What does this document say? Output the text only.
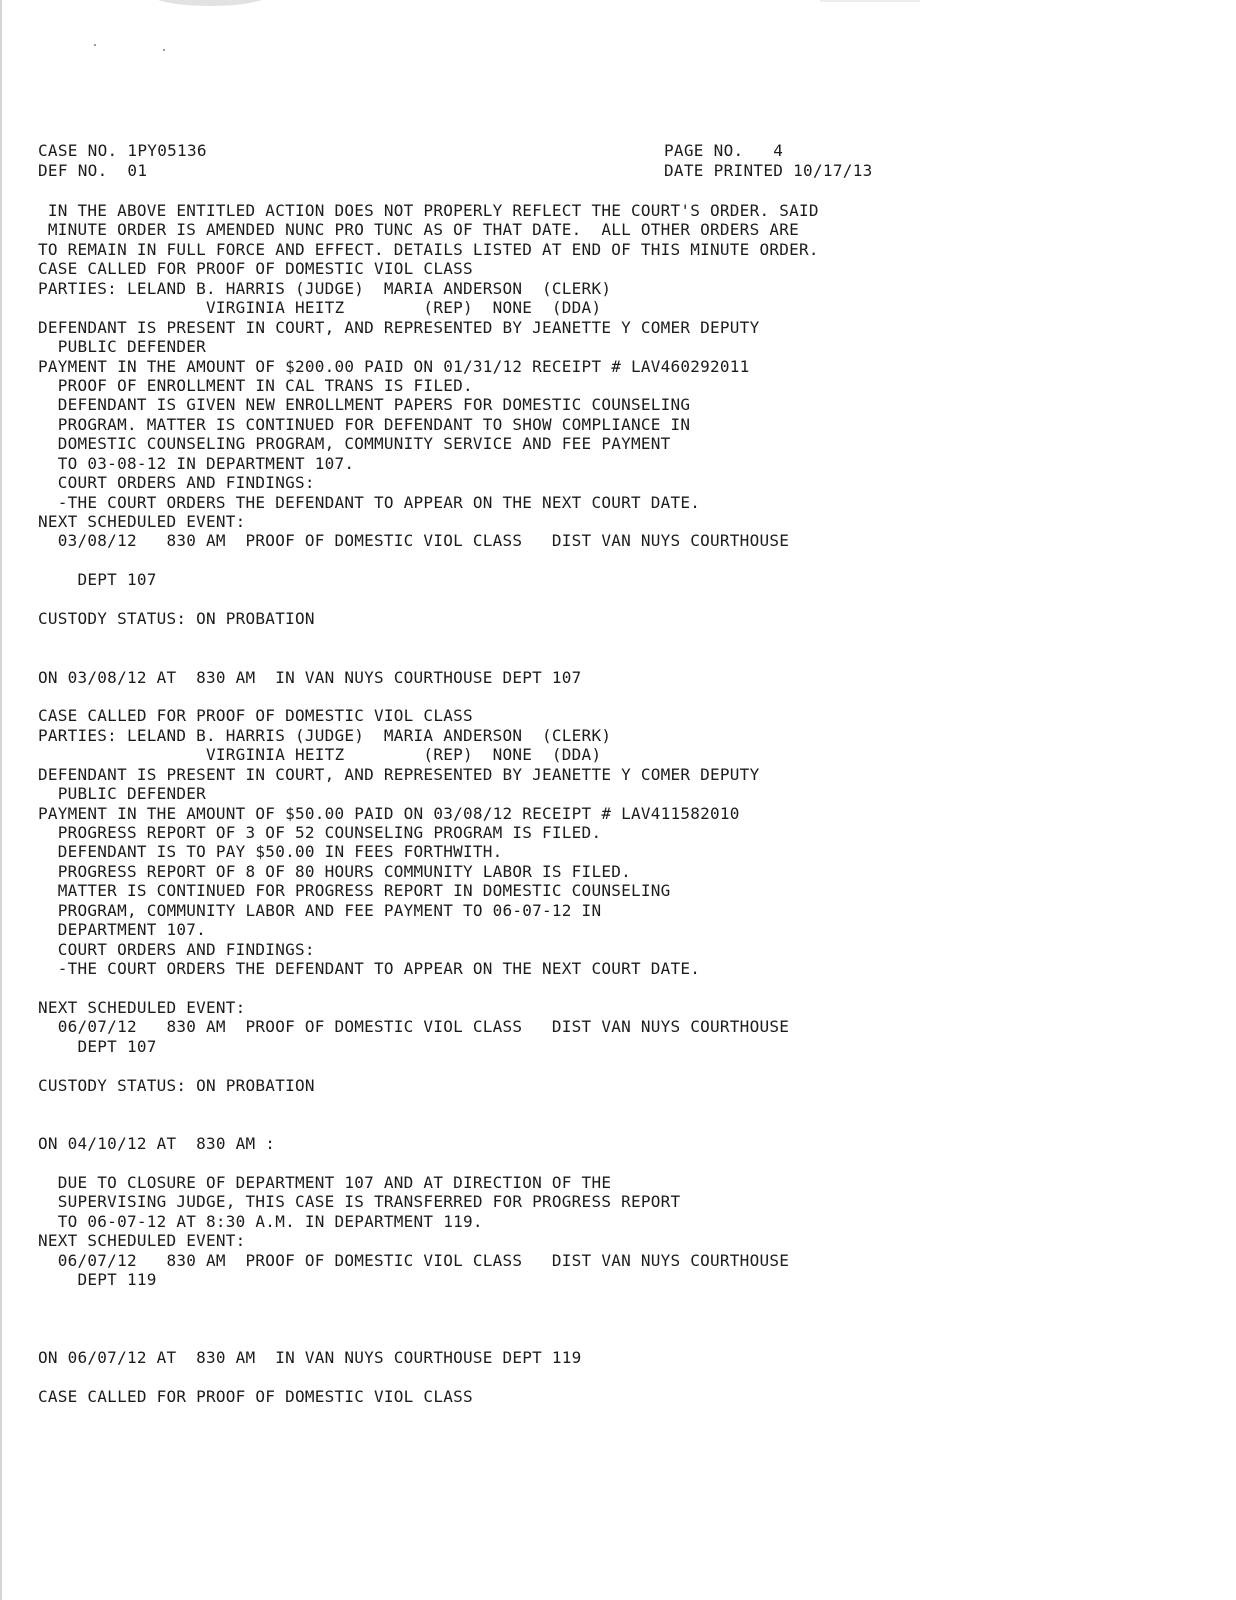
CASE NO. 1PY05136
DEF NO.  01
PAGE NO.   4
DATE PRINTED 10/17/13
IN THE ABOVE ENTITLED ACTION DOES NOT PROPERLY REFLECT THE COURT'S ORDER. SAID
MINUTE ORDER IS AMENDED NUNC PRO TUNC AS OF THAT DATE.  ALL OTHER ORDERS ARE
TO REMAIN IN FULL FORCE AND EFFECT. DETAILS LISTED AT END OF THIS MINUTE ORDER.
CASE CALLED FOR PROOF OF DOMESTIC VIOL CLASS
PARTIES: LELAND B. HARRIS (JUDGE)  MARIA ANDERSON  (CLERK)
VIRGINIA HEITZ        (REP)  NONE  (DDA)
DEFENDANT IS PRESENT IN COURT, AND REPRESENTED BY JEANETTE Y COMER DEPUTY
PUBLIC DEFENDER
PAYMENT IN THE AMOUNT OF $200.00 PAID ON 01/31/12 RECEIPT # LAV460292011
PROOF OF ENROLLMENT IN CAL TRANS IS FILED.
DEFENDANT IS GIVEN NEW ENROLLMENT PAPERS FOR DOMESTIC COUNSELING
PROGRAM. MATTER IS CONTINUED FOR DEFENDANT TO SHOW COMPLIANCE IN
DOMESTIC COUNSELING PROGRAM, COMMUNITY SERVICE AND FEE PAYMENT
TO 03-08-12 IN DEPARTMENT 107.
COURT ORDERS AND FINDINGS:
-THE COURT ORDERS THE DEFENDANT TO APPEAR ON THE NEXT COURT DATE.
NEXT SCHEDULED EVENT:
03/08/12   830 AM  PROOF OF DOMESTIC VIOL CLASS   DIST VAN NUYS COURTHOUSE
DEPT 107
CUSTODY STATUS: ON PROBATION
ON 03/08/12 AT  830 AM  IN VAN NUYS COURTHOUSE DEPT 107
CASE CALLED FOR PROOF OF DOMESTIC VIOL CLASS
PARTIES: LELAND B. HARRIS (JUDGE)  MARIA ANDERSON  (CLERK)
VIRGINIA HEITZ        (REP)  NONE  (DDA)
DEFENDANT IS PRESENT IN COURT, AND REPRESENTED BY JEANETTE Y COMER DEPUTY
PUBLIC DEFENDER
PAYMENT IN THE AMOUNT OF $50.00 PAID ON 03/08/12 RECEIPT # LAV411582010
PROGRESS REPORT OF 3 OF 52 COUNSELING PROGRAM IS FILED.
DEFENDANT IS TO PAY $50.00 IN FEES FORTHWITH.
PROGRESS REPORT OF 8 OF 80 HOURS COMMUNITY LABOR IS FILED.
MATTER IS CONTINUED FOR PROGRESS REPORT IN DOMESTIC COUNSELING
PROGRAM, COMMUNITY LABOR AND FEE PAYMENT TO 06-07-12 IN
DEPARTMENT 107.
COURT ORDERS AND FINDINGS:
-THE COURT ORDERS THE DEFENDANT TO APPEAR ON THE NEXT COURT DATE.
NEXT SCHEDULED EVENT:
06/07/12   830 AM  PROOF OF DOMESTIC VIOL CLASS   DIST VAN NUYS COURTHOUSE
DEPT 107
CUSTODY STATUS: ON PROBATION
ON 04/10/12 AT  830 AM :
DUE TO CLOSURE OF DEPARTMENT 107 AND AT DIRECTION OF THE
SUPERVISING JUDGE, THIS CASE IS TRANSFERRED FOR PROGRESS REPORT
TO 06-07-12 AT 8:30 A.M. IN DEPARTMENT 119.
NEXT SCHEDULED EVENT:
06/07/12   830 AM  PROOF OF DOMESTIC VIOL CLASS   DIST VAN NUYS COURTHOUSE
DEPT 119
ON 06/07/12 AT  830 AM  IN VAN NUYS COURTHOUSE DEPT 119
CASE CALLED FOR PROOF OF DOMESTIC VIOL CLASS
